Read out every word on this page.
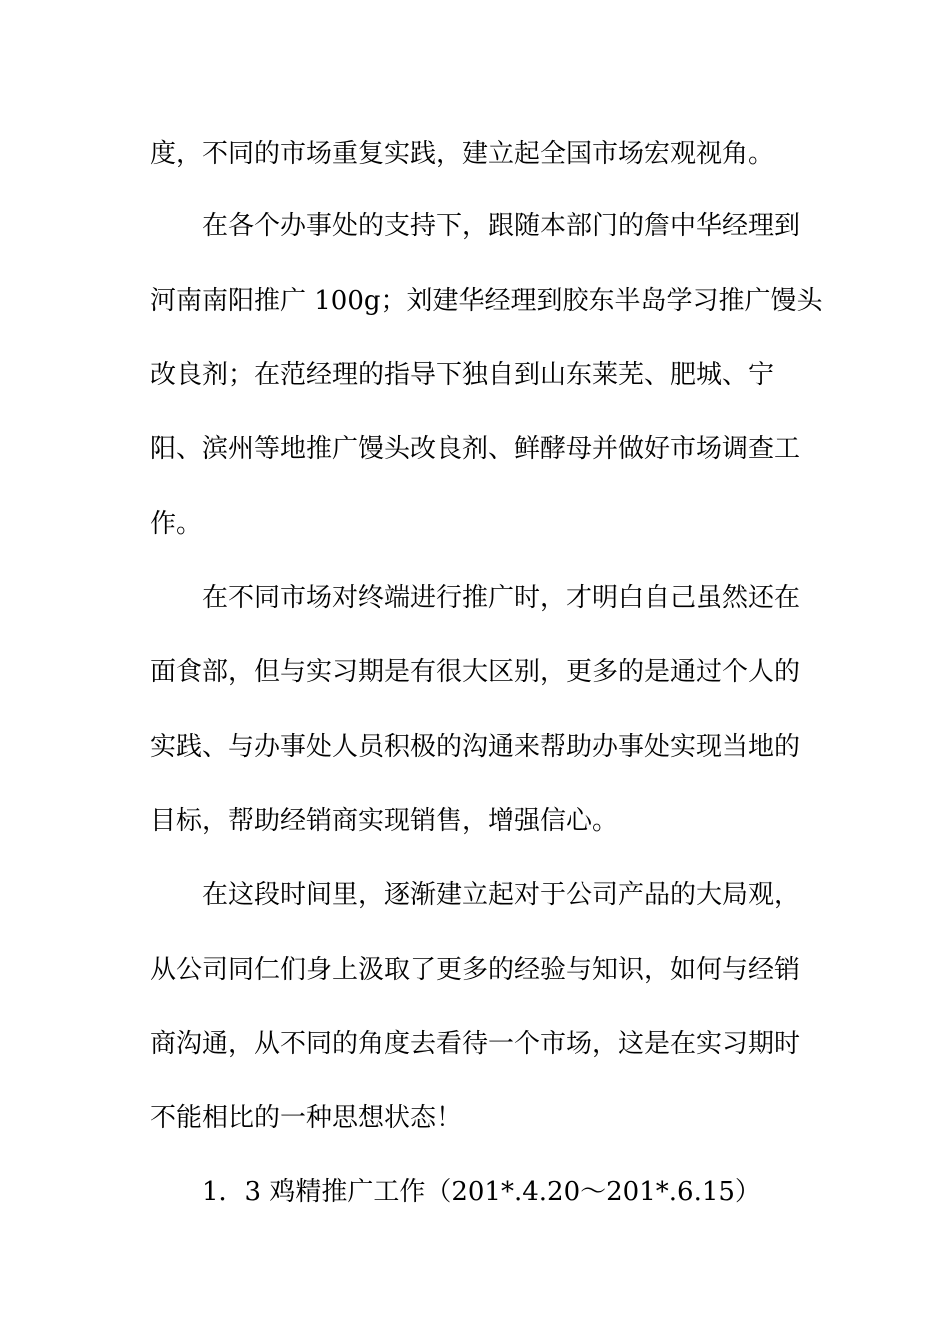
度，不同的市场重复实践，建立起全国市场宏观视角。
在各个办事处的支持下，跟随本部门的詹中华经理到
河南南阳推广 100g；刘建华经理到胶东半岛学习推广馒头
改良剂；在范经理的指导下独自到山东莱芜、肥城、宁
阳、滨州等地推广馒头改良剂、鲜酵母并做好市场调查工
作。
在不同市场对终端进行推广时，才明白自己虽然还在
面食部，但与实习期是有很大区别，更多的是通过个人的
实践、与办事处人员积极的沟通来帮助办事处实现当地的
目标，帮助经销商实现销售，增强信心。
在这段时间里，逐渐建立起对于公司产品的大局观，
从公司同仁们身上汲取了更多的经验与知识，如何与经销
商沟通，从不同的角度去看待一个市场，这是在实习期时
不能相比的一种思想状态！
1．3 鸡精推广工作（201*.4.20～201*.6.15）
